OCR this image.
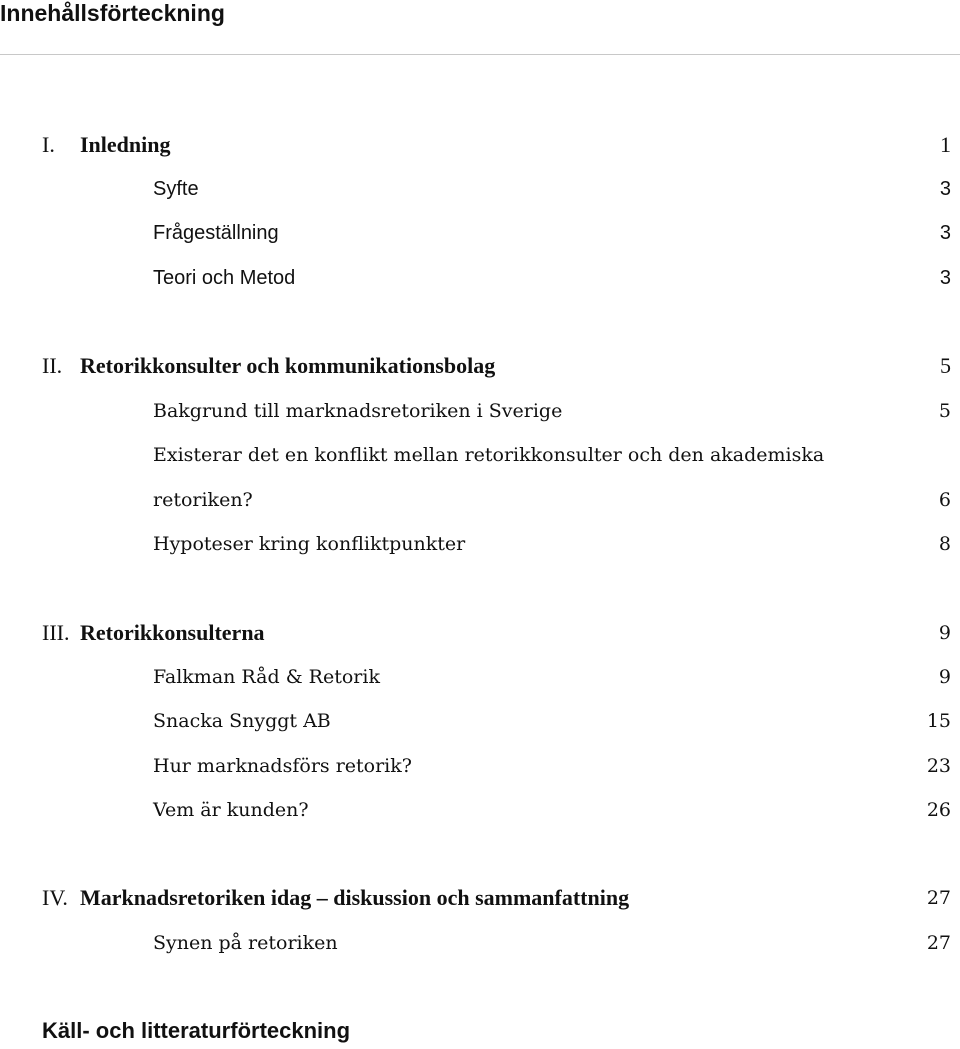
Innehållsförteckning
I. Inledning	1
Syfte	3
Frågeställning	3
Teori och Metod	3
II. Retorikkonsulter och kommunikationsbolag	5
Bakgrund till marknadsretoriken i Sverige	5
Existerar det en konflikt mellan retorikkonsulter och den akademiska
retoriken?	6
Hypoteser kring konfliktpunkter	8
III. Retorikkonsulterna	9
Falkman Råd & Retorik	9
Snacka Snyggt AB	15
Hur marknadsförs retorik?	23
Vem är kunden?	26
IV. Marknadsretoriken idag – diskussion och sammanfattning	27
Synen på retoriken	27
Käll- och litteraturförteckning
